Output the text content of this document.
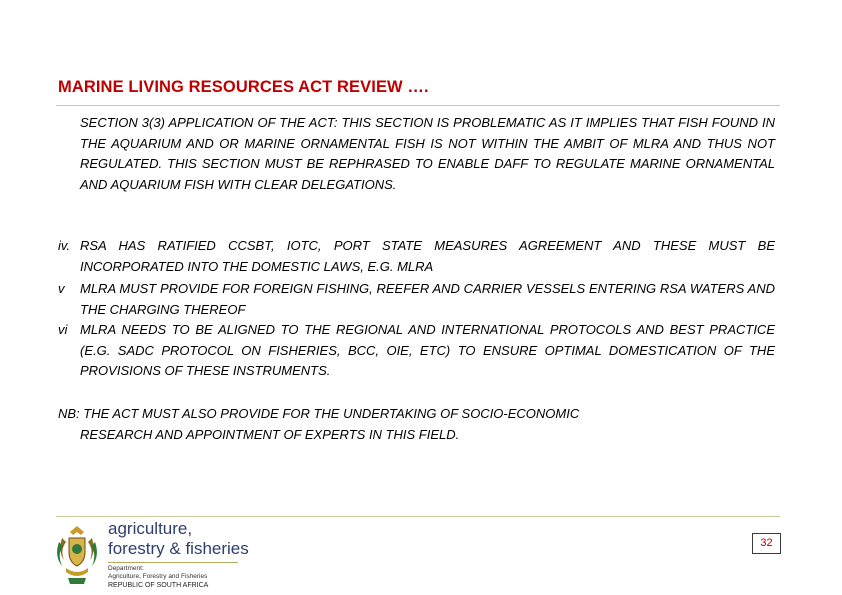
MARINE LIVING RESOURCES ACT REVIEW ….
SECTION 3(3) APPLICATION OF THE ACT: THIS SECTION IS PROBLEMATIC AS IT IMPLIES THAT FISH FOUND IN THE AQUARIUM AND OR MARINE ORNAMENTAL FISH IS NOT WITHIN THE AMBIT OF MLRA AND THUS NOT REGULATED. THIS SECTION MUST BE REPHRASED TO ENABLE DAFF TO REGULATE MARINE ORNAMENTAL AND AQUARIUM FISH WITH CLEAR DELEGATIONS.
iv. RSA HAS RATIFIED CCSBT, IOTC, PORT STATE MEASURES AGREEMENT AND THESE MUST BE INCORPORATED INTO THE DOMESTIC LAWS, E.G. MLRA
v MLRA MUST PROVIDE FOR FOREIGN FISHING, REEFER AND CARRIER VESSELS ENTERING RSA WATERS AND THE CHARGING THEREOF
vi MLRA NEEDS TO BE ALIGNED TO THE REGIONAL AND INTERNATIONAL PROTOCOLS AND BEST PRACTICE (E.G. SADC PROTOCOL ON FISHERIES, BCC, OIE, ETC) TO ENSURE OPTIMAL DOMESTICATION OF THE PROVISIONS OF THESE INSTRUMENTS.
NB: THE ACT MUST ALSO PROVIDE FOR THE UNDERTAKING OF SOCIO-ECONOMIC
RESEARCH AND APPOINTMENT OF EXPERTS IN THIS FIELD.
agriculture,
forestry & fisheries
Department:
Agriculture, Forestry and Fisheries
REPUBLIC OF SOUTH AFRICA
32
